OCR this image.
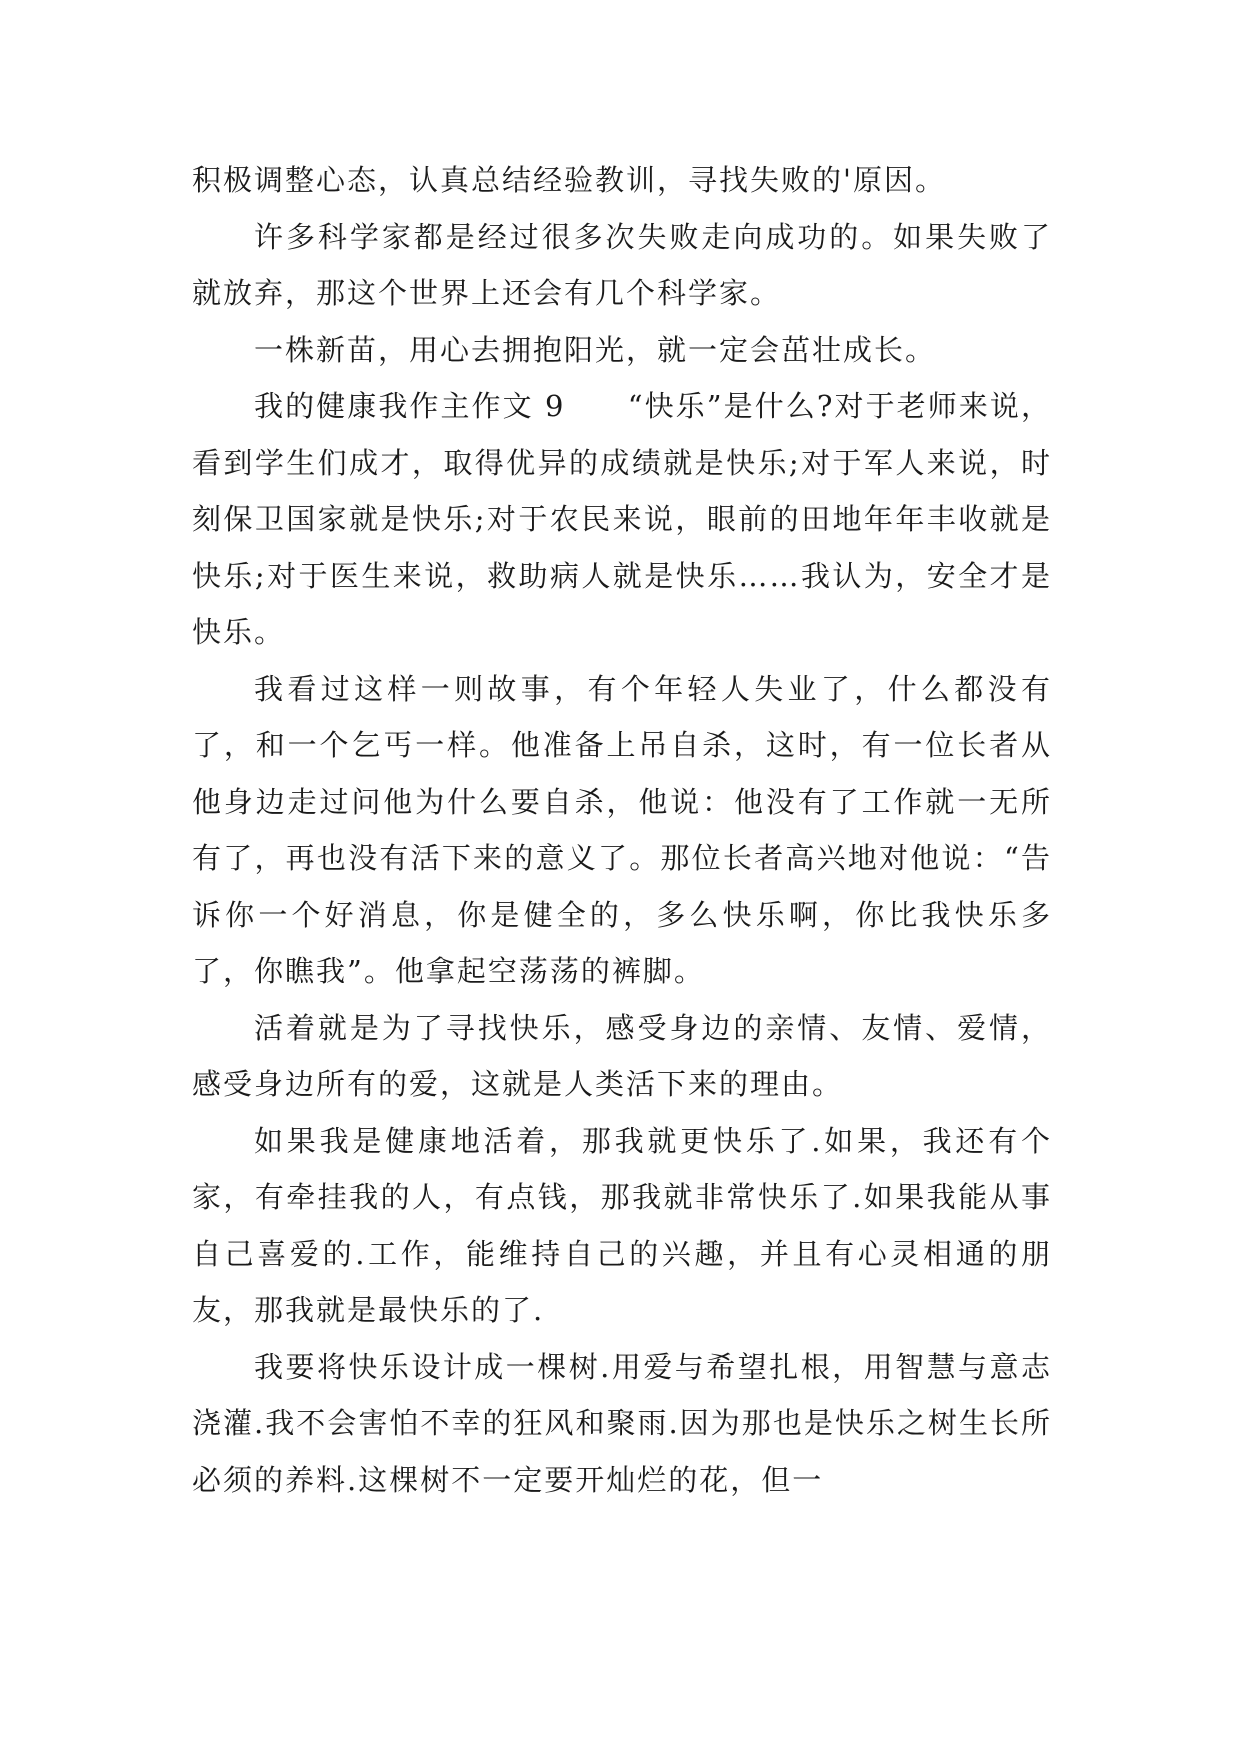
积极调整心态，认真总结经验教训，寻找失败的'原因。

许多科学家都是经过很多次失败走向成功的。如果失败了就放弃，那这个世界上还会有几个科学家。

一株新苗，用心去拥抱阳光，就一定会茁壮成长。

我的健康我作主作文 9　　“快乐”是什么?对于老师来说，看到学生们成才，取得优异的成绩就是快乐;对于军人来说，时刻保卫国家就是快乐;对于农民来说，眼前的田地年年丰收就是快乐;对于医生来说，救助病人就是快乐……我认为，安全才是快乐。

我看过这样一则故事，有个年轻人失业了，什么都没有了，和一个乞丐一样。他准备上吊自杀，这时，有一位长者从他身边走过问他为什么要自杀，他说：他没有了工作就一无所有了，再也没有活下来的意义了。那位长者高兴地对他说：“告诉你一个好消息，你是健全的，多么快乐啊，你比我快乐多了，你瞧我”。他拿起空荡荡的裤脚。

活着就是为了寻找快乐，感受身边的亲情、友情、爱情，感受身边所有的爱，这就是人类活下来的理由。

如果我是健康地活着，那我就更快乐了.如果，我还有个家，有牵挂我的人，有点钱，那我就非常快乐了.如果我能从事自己喜爱的.工作，能维持自己的兴趣，并且有心灵相通的朋友，那我就是最快乐的了.

我要将快乐设计成一棵树.用爱与希望扎根，用智慧与意志浇灌.我不会害怕不幸的狂风和聚雨.因为那也是快乐之树生长所必须的养料.这棵树不一定要开灿烂的花，但一
